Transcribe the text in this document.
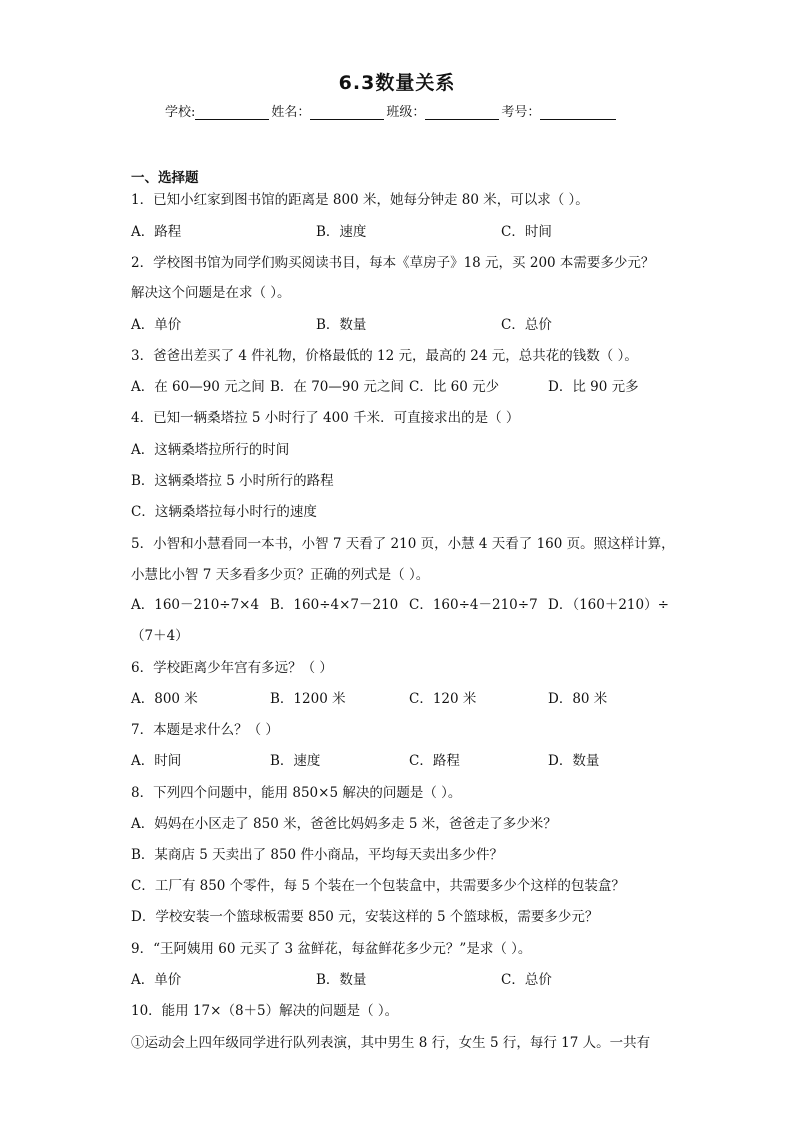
6.3数量关系
学校:	姓名：	班级：	考号：
一、选择题
1．已知小红家到图书馆的距离是 800 米，她每分钟走 80 米，可以求（ ）。
A．路程	B．速度	C．时间
2．学校图书馆为同学们购买阅读书目，每本《草房子》18 元，买 200 本需要多少元？
解决这个问题是在求（ ）。
A．单价	B．数量	C．总价
3．爸爸出差买了 4 件礼物，价格最低的 12 元，最高的 24 元，总共花的钱数（ ）。
A．在 60—90 元之间 B．在 70—90 元之间 C．比 60 元少	D．比 90 元多
4．已知一辆桑塔拉 5 小时行了 400 千米．可直接求出的是（ ）
A．这辆桑塔拉所行的时间
B．这辆桑塔拉 5 小时所行的路程
C．这辆桑塔拉每小时行的速度
5．小智和小慧看同一本书，小智 7 天看了 210 页，小慧 4 天看了 160 页。照这样计算，
小慧比小智 7 天多看多少页？正确的列式是（ ）。
A．160－210÷7×4 B．160÷4×7－210 C．160÷4－210÷7 D．（160＋210）÷
（7＋4）
6．学校距离少年宫有多远？（ ）
A．800 米	B．1200 米	C．120 米	D．80 米
7．本题是求什么？（ ）
A．时间	B．速度	C．路程	D．数量
8．下列四个问题中，能用 850×5 解决的问题是（ ）。
A．妈妈在小区走了 850 米，爸爸比妈妈多走 5 米，爸爸走了多少米？
B．某商店 5 天卖出了 850 件小商品，平均每天卖出多少件？
C．工厂有 850 个零件，每 5 个装在一个包装盒中，共需要多少个这样的包装盒？
D．学校安装一个篮球板需要 850 元，安装这样的 5 个篮球板，需要多少元？
9．“王阿姨用 60 元买了 3 盆鲜花，每盆鲜花多少元？”是求（ ）。
A．单价	B．数量	C．总价
10．能用 17×（8＋5）解决的问题是（ ）。
①运动会上四年级同学进行队列表演，其中男生 8 行，女生 5 行，每行 17 人。一共有
